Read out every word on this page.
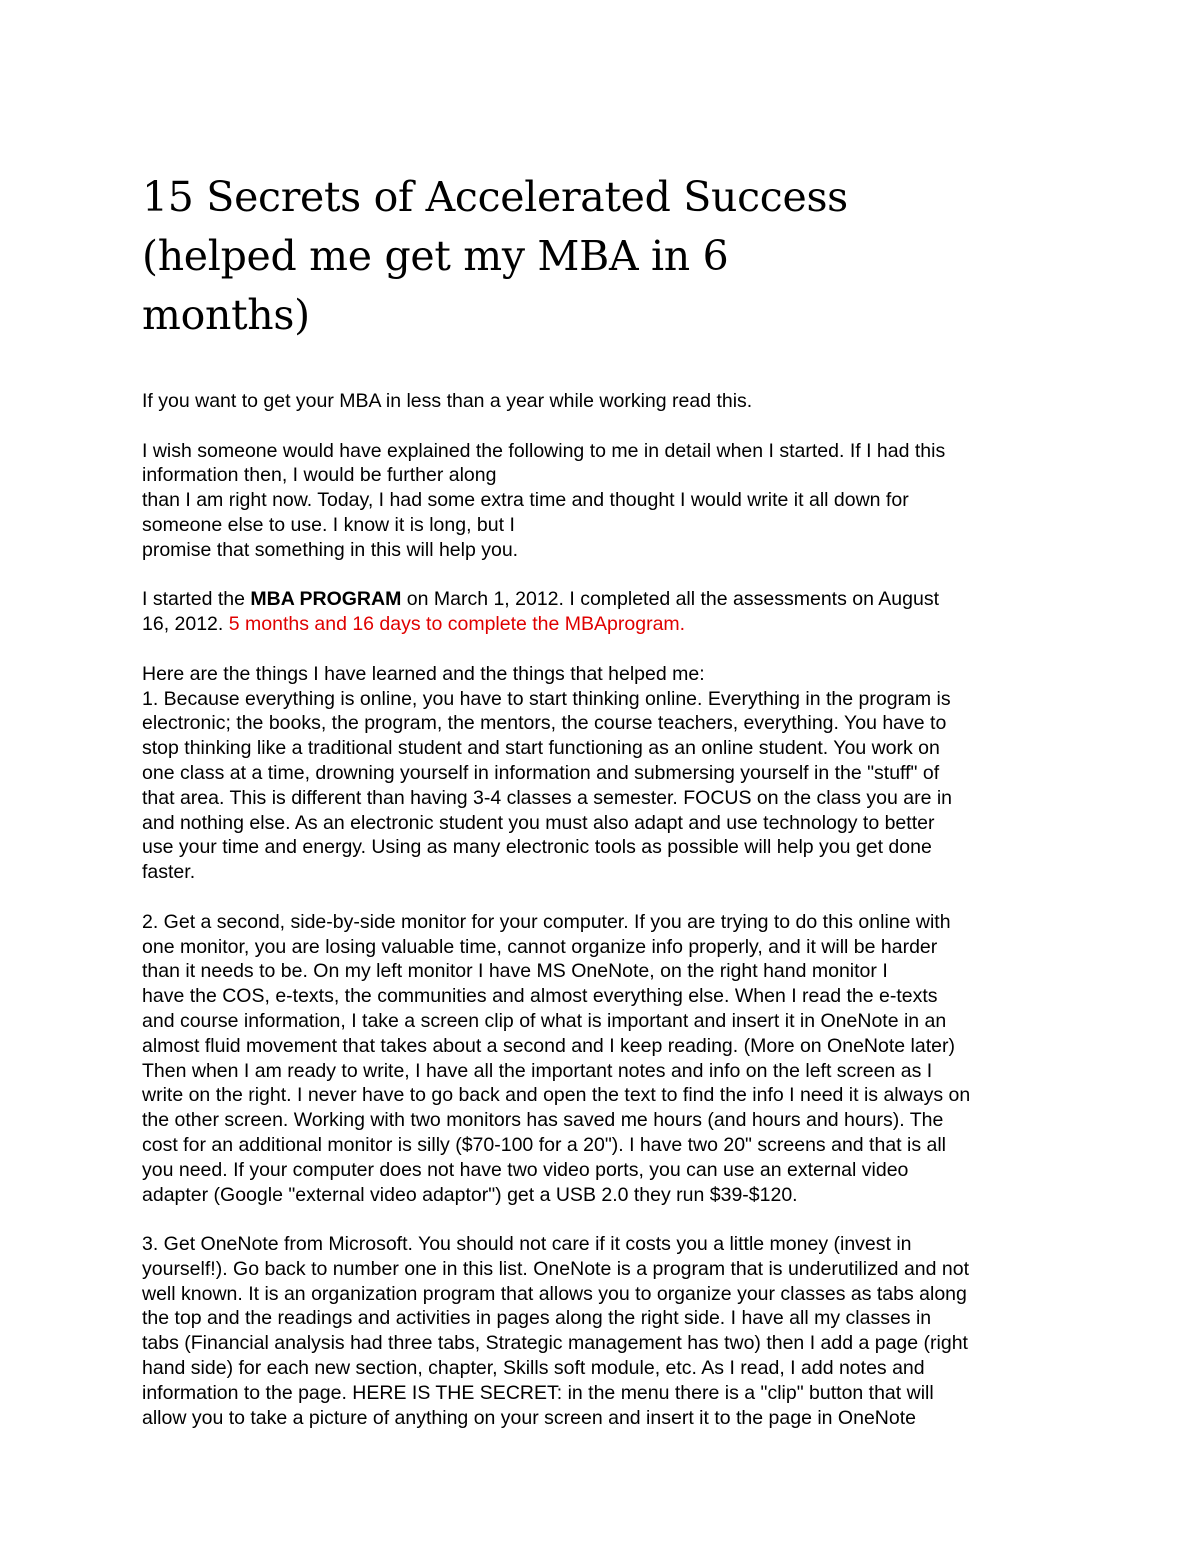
15 Secrets of Accelerated Success
(helped me get my MBA in 6
months)

If you want to get your MBA in less than a year while working read this.

I wish someone would have explained the following to me in detail when I started. If I had this
information then, I would be further along
than I am right now. Today, I had some extra time and thought I would write it all down for
someone else to use. I know it is long, but I
promise that something in this will help you.

I started the MBA PROGRAM on March 1, 2012. I completed all the assessments on August
16, 2012. 5 months and 16 days to complete the MBAprogram.

Here are the things I have learned and the things that helped me:
1. Because everything is online, you have to start thinking online. Everything in the program is
electronic; the books, the program, the mentors, the course teachers, everything. You have to
stop thinking like a traditional student and start functioning as an online student. You work on
one class at a time, drowning yourself in information and submersing yourself in the "stuff" of
that area. This is different than having 3-4 classes a semester. FOCUS on the class you are in
and nothing else. As an electronic student you must also adapt and use technology to better
use your time and energy. Using as many electronic tools as possible will help you get done
faster.

2. Get a second, side-by-side monitor for your computer. If you are trying to do this online with
one monitor, you are losing valuable time, cannot organize info properly, and it will be harder
than it needs to be. On my left monitor I have MS OneNote, on the right hand monitor I
have the COS, e-texts, the communities and almost everything else. When I read the e-texts
and course information, I take a screen clip of what is important and insert it in OneNote in an
almost fluid movement that takes about a second and I keep reading. (More on OneNote later)
Then when I am ready to write, I have all the important notes and info on the left screen as I
write on the right. I never have to go back and open the text to find the info I need it is always on
the other screen. Working with two monitors has saved me hours (and hours and hours). The
cost for an additional monitor is silly ($70-100 for a 20"). I have two 20" screens and that is all
you need. If your computer does not have two video ports, you can use an external video
adapter (Google "external video adaptor") get a USB 2.0 they run $39-$120.

3. Get OneNote from Microsoft. You should not care if it costs you a little money (invest in
yourself!). Go back to number one in this list. OneNote is a program that is underutilized and not
well known. It is an organization program that allows you to organize your classes as tabs along
the top and the readings and activities in pages along the right side. I have all my classes in
tabs (Financial analysis had three tabs, Strategic management has two) then I add a page (right
hand side) for each new section, chapter, Skills soft module, etc. As I read, I add notes and
information to the page. HERE IS THE SECRET: in the menu there is a "clip" button that will
allow you to take a picture of anything on your screen and insert it to the page in OneNote
